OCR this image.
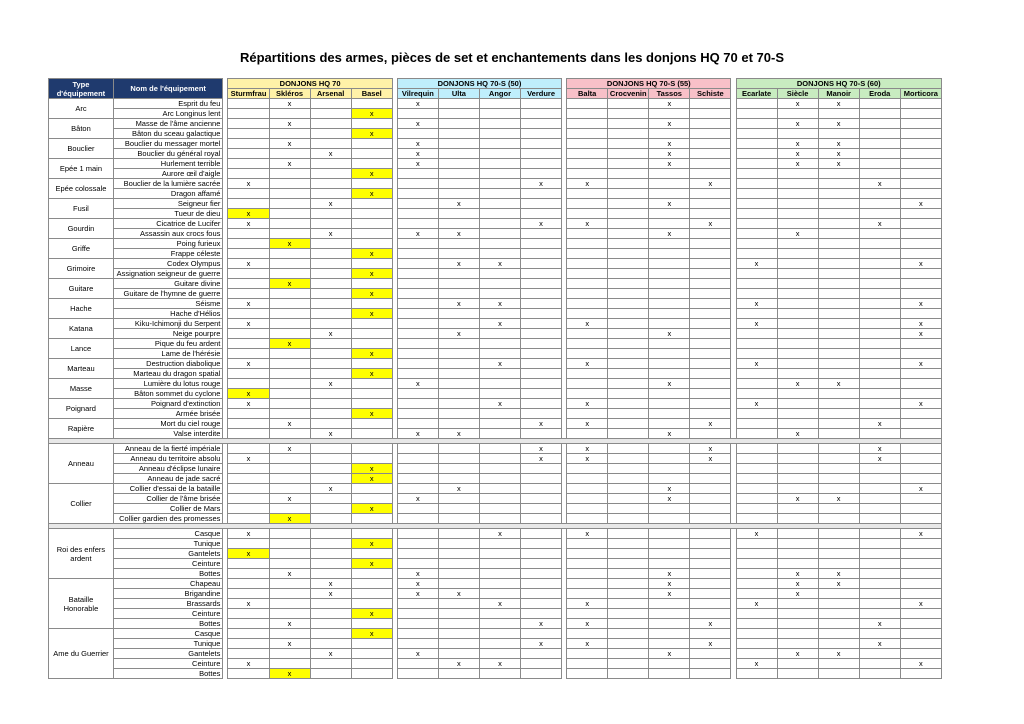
Répartitions des armes, pièces de set et enchantements dans les donjons HQ 70 et 70-S
Type d'équipement	Nom de l'équipement		DONJONS HQ 70					DONJONS HQ 70-S (50)					DONJONS HQ 70-S (55)					DONJONS HQ 70-S (60)				
			Sturmfrau	Skléros	Arsenal	Basel		Vilrequin	Ulta	Angor	Verdure		Balta	Crocvenin	Tassos	Schiste		Ecarlate	Siècle	Manoir	Eroda	Morticora
Arc	Esprit du feu			x				x							x				x	x		
	Arc Longinus lent					x																
Bâton	Masse de l'âme ancienne			x				x							x				x	x		
	Bâton du sceau galactique					x																
Bouclier	Bouclier du messager mortel			x				x							x				x	x		
	Bouclier du général royal				x			x							x				x	x		
Epée 1 main	Hurlement terrible			x				x							x				x	x		
	Aurore œil d'aigle					x																
Epée colossale	Bouclier de la lumière sacrée		x								x		x			x					x	
	Dragon affamé					x																
Fusil	Seigneur fier				x				x						x							x
	Tueur de dieu		x																			
Gourdin	Cicatrice de Lucifer		x								x		x			x					x	
	Assassin aux crocs fous				x			x	x						x				x			
Griffe	Poing furieux			x																		
	Frappe céleste					x																
Grimoire	Codex Olympus		x						x	x								x				x
	Assignation seigneur de guerre					x																
Guitare	Guitare divine			x																		
	Guitare de l'hymne de guerre					x																
Hache	Séisme		x						x	x								x				x
	Hache d'Hélios					x																
Katana	Kiku-Ichimonji du Serpent		x							x			x					x				x
	Neige pourpre				x				x						x							x
Lance	Pique du feu ardent			x																		
	Lame de l'hérésie					x																
Marteau	Destruction diabolique		x							x			x					x				x
	Marteau du dragon spatial					x																
Masse	Lumière du lotus rouge				x			x							x				x	x		
	Bâton sommet du cyclone		x																			
Poignard	Poignard d'extinction		x							x			x					x				x
	Armée brisée					x																
Rapière	Mort du ciel rouge			x							x		x			x					x	
	Valse interdite				x			x	x						x				x			

Anneau	Anneau de la fierté impériale			x							x		x			x					x	
	Anneau du territoire absolu		x								x		x			x					x	
	Anneau d'éclipse lunaire					x																
	Anneau de jade sacré					x																
Collier	Collier d'essai de la bataille				x				x						x							x
	Collier de l'âme brisée			x				x							x				x	x		
	Collier de Mars					x																
	Collier gardien des promesses			x																		

Roi des enfers ardent	Casque		x							x			x					x				x
	Tunique					x																
	Gantelets		x																			
	Ceinture					x																
	Bottes			x				x							x				x	x		
Bataille Honorable	Chapeau				x			x							x				x	x		
	Brigandine				x			x	x						x				x			
	Brassards		x							x			x					x				x
	Ceinture					x																
	Bottes			x							x		x			x					x	
Ame du Guerrier	Casque					x																
	Tunique			x							x		x			x					x	
	Gantelets				x			x							x				x	x		
	Ceinture		x						x	x								x				x
	Bottes			x																		
